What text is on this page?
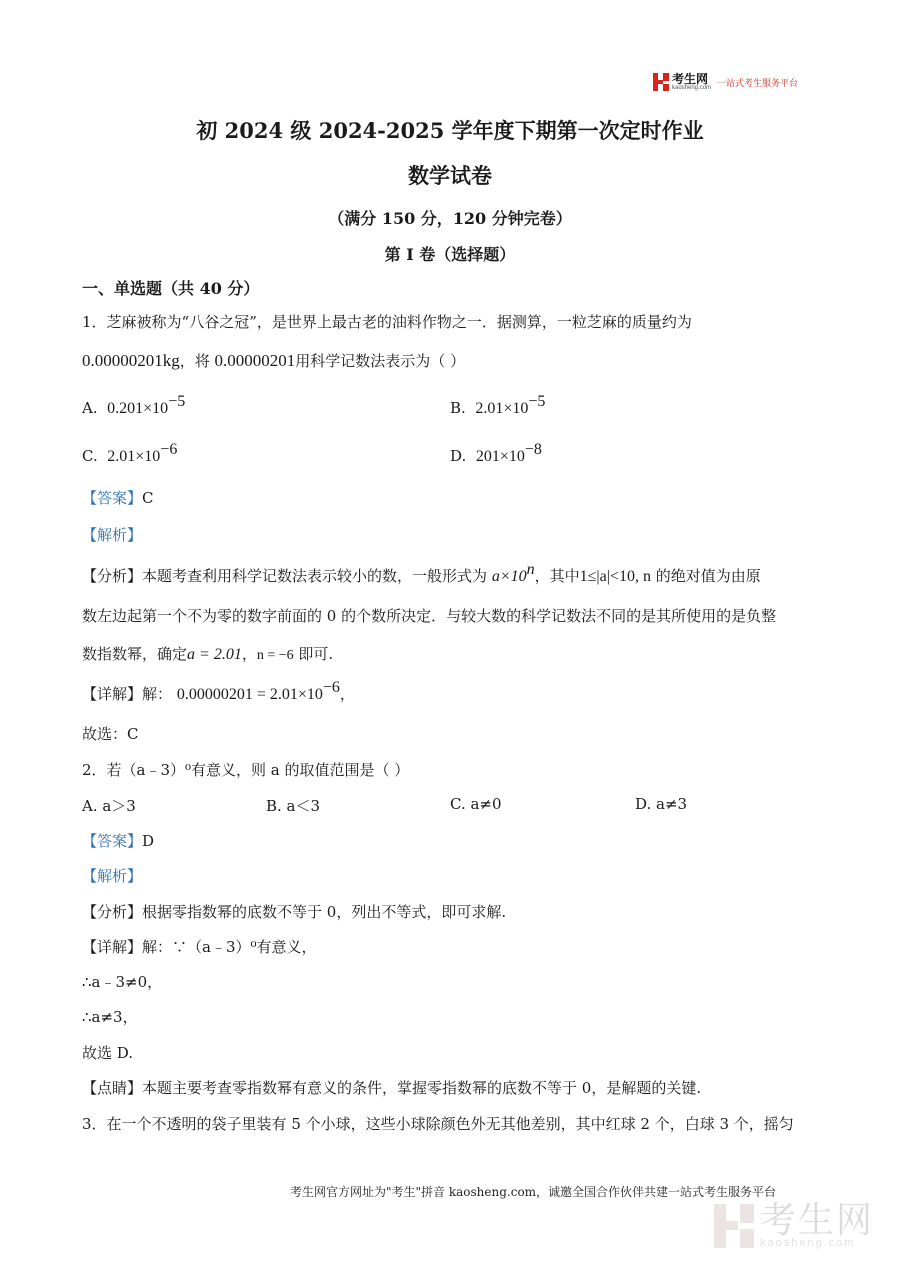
考生网
kaosheng.com
一站式考生服务平台
初 2024 级 2024-2025 学年度下期第一次定时作业
数学试卷
（满分 150 分，120 分钟完卷）
第 I 卷（选择题）
一、单选题（共 40 分）
1．芝麻被称为“八谷之冠”，是世界上最古老的油料作物之一．据测算，一粒芝麻的质量约为
0.00000201kg，将 0.00000201用科学记数法表示为（ ）
A. $0.201\times 10^{-5}$	B. $2.01\times 10^{-5}$
C. $2.01\times 10^{-6}$	D. $201\times 10^{-8}$
【答案】C
【解析】
【分析】本题考查利用科学记数法表示较小的数，一般形式为 $a\times 10^n$，其中1≤|a|<10, n 的绝对值为由原
数左边起第一个不为零的数字前面的 0 的个数所决定．与较大数的科学记数法不同的是其所使用的是负整
数指数幂，确定a = 2.01，n = −6 即可.
【详解】解： $0.00000201 = 2.01\times 10^{-6}$，
故选：C
2．若（a﹣3）⁰有意义，则 a 的取值范围是（ ）
A. a＞3	B. a＜3	C. a≠0	D. a≠3
【答案】D
【解析】
【分析】根据零指数幂的底数不等于 0，列出不等式，即可求解.
【详解】解：∵（a﹣3）⁰有意义，
∴a﹣3≠0，
∴a≠3，
故选 D.
【点睛】本题主要考查零指数幂有意义的条件，掌握零指数幂的底数不等于 0，是解题的关键.
3．在一个不透明的袋子里装有 5 个小球，这些小球除颜色外无其他差别，其中红球 2 个，白球 3 个，摇匀
考生网官方网址为"考生"拼音 kaosheng.com，诚邀全国合作伙伴共建一站式考生服务平台
考生网
kaosheng.com
